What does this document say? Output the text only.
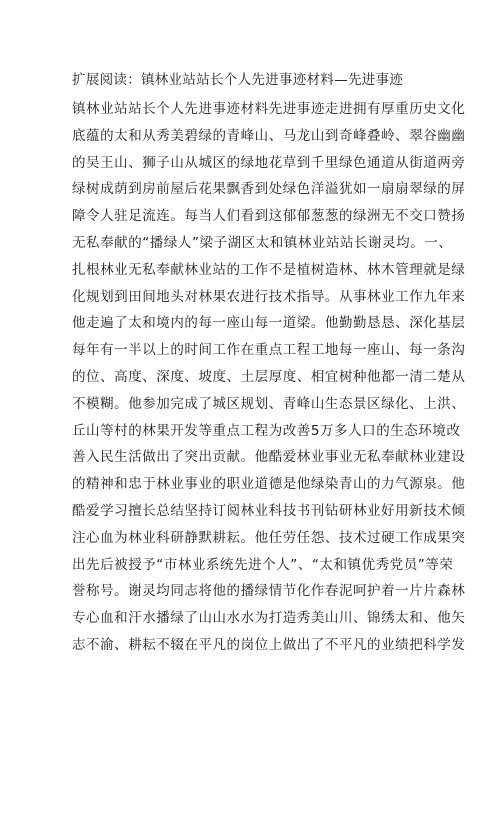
扩展阅读：镇林业站站长个人先进事迹材料—先进事迹
镇林业站站长个人先进事迹材料先进事迹走进拥有厚重历史文化
底蕴的太和从秀美碧绿的青峰山、马龙山到奇峰叠岭、翠谷幽幽
的吴王山、狮子山从城区的绿地花草到千里绿色通道从街道两旁
绿树成荫到房前屋后花果飘香到处绿色洋溢犹如一扇扇翠绿的屏
障令人驻足流连。每当人们看到这郁郁葱葱的绿洲无不交口赞扬
无私奉献的“播绿人”梁子湖区太和镇林业站站长谢灵均。一、
扎根林业无私奉献林业站的工作不是植树造林、林木管理就是绿
化规划到田间地头对林果农进行技术指导。从事林业工作九年来
他走遍了太和境内的每一座山每一道梁。他勤勤恳恳、深化基层
每年有一半以上的时间工作在重点工程工地每一座山、每一条沟
的位、高度、深度、坡度、土层厚度、相宜树种他都一清二楚从
不模糊。他参加完成了城区规划、青峰山生态景区绿化、上洪、
丘山等村的林果开发等重点工程为改善5万多人口的生态环境改
善入民生活做出了突出贡献。他酷爱林业事业无私奉献林业建设
的精神和忠于林业事业的职业道德是他绿染青山的力气源泉。他
酷爱学习擅长总结坚持订阅林业科技书刊钻研林业好用新技术倾
注心血为林业科研静默耕耘。他任劳任怨、技术过硬工作成果突
出先后被授予“市林业系统先进个人”、“太和镇优秀党员”等荣
誉称号。谢灵均同志将他的播绿情节化作春泥呵护着一片片森林
专心血和汗水播绿了山山水水为打造秀美山川、锦绣太和、他矢
志不渝、耕耘不辍在平凡的岗位上做出了不平凡的业绩把科学发
